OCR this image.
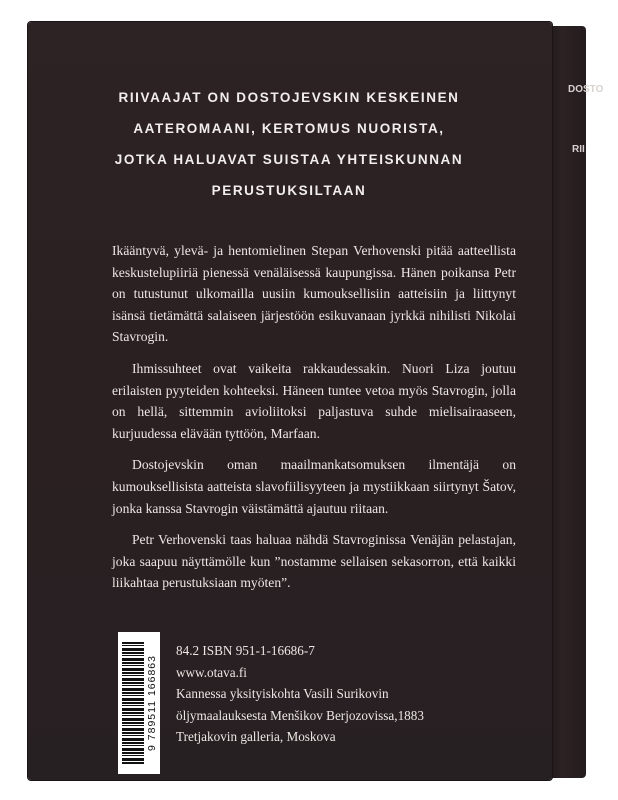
DOSTO
RII
RIIVAAJAT ON DOSTOJEVSKIN KESKEINEN
AATEROMAANI, KERTOMUS NUORISTA,
JOTKA HALUAVAT SUISTAA YHTEISKUNNAN
PERUSTUKSILTAAN

Ikääntyvä, ylevä- ja hentomielinen Stepan Verhovenski pitää aatteellista keskustelupiiriä pienessä venäläisessä kaupungissa. Hänen poikansa Petr on tutustunut ulkomailla uusiin kumouksellisiin aatteisiin ja liittynyt isänsä tietämättä salaiseen järjestöön esikuvanaan jyrkkä nihilisti Nikolai Stavrogin.

Ihmissuhteet ovat vaikeita rakkaudessakin. Nuori Liza joutuu erilaisten pyyteiden kohteeksi. Häneen tuntee vetoa myös Stavrogin, jolla on hellä, sittemmin avioliitoksi paljastuva suhde mielisairaaseen, kurjuudessa elävään tyttöön, Marfaan.

Dostojevskin oman maailmankatsomuksen ilmentäjä on kumouksellisista aatteista slavofiilisyyteen ja mystiikkaan siirtynyt Šatov, jonka kanssa Stavrogin väistämättä ajautuu riitaan.

Petr Verhovenski taas haluaa nähdä Stavroginissa Venäjän pelastajan, joka saapuu näyttämölle kun ”nostamme sellaisen sekasorron, että kaikki liikahtaa perustuksiaan myöten”.

9 789511 166863
84.2 ISBN 951-1-16686-7
www.otava.fi
Kannessa yksityiskohta Vasili Surikovin
öljymaalauksesta Menšikov Berjozovissa,1883
Tretjakovin galleria, Moskova
